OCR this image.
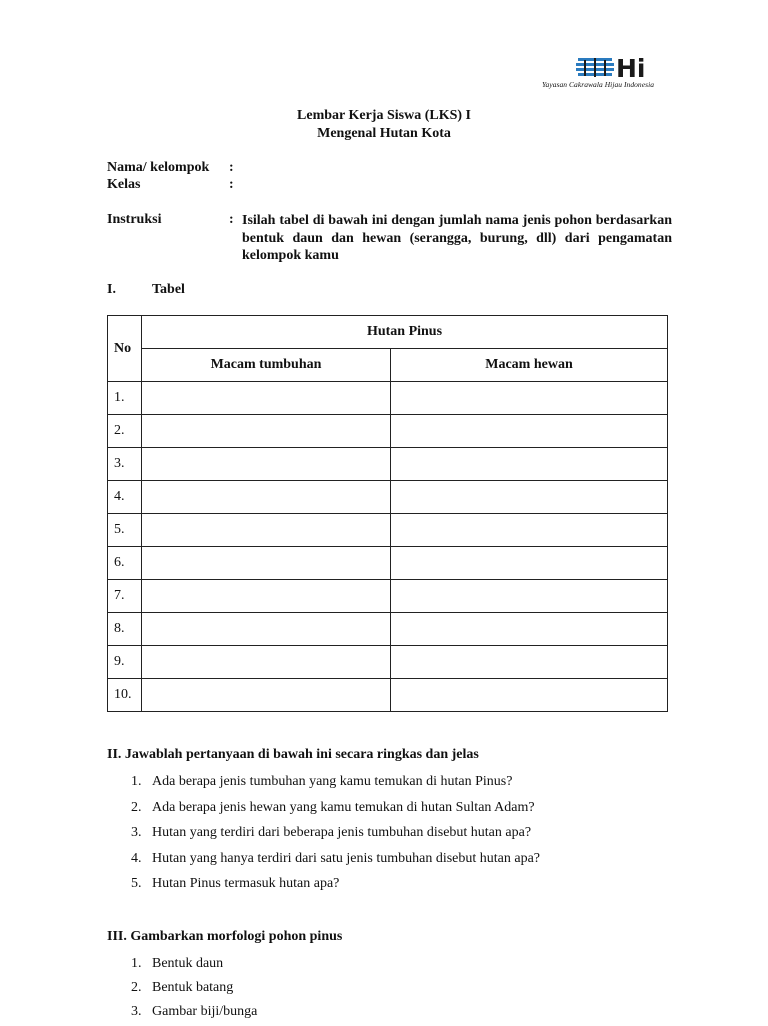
Hi
Yayasan Cakrawala Hijau Indonesia
Lembar Kerja Siswa (LKS) I
Mengenal Hutan Kota
Nama/ kelompok :
Kelas	:
Instruksi	: Isilah tabel di bawah ini dengan jumlah nama jenis pohon berdasarkan bentuk daun dan hewan (serangga, burung, dll) dari pengamatan kelompok kamu
I.	Tabel
No	Hutan Pinus	
	Macam tumbuhan	Macam hewan
1.		
2.		
3.		
4.		
5.		
6.		
7.		
8.		
9.		
10.		
II. Jawablah pertanyaan di bawah ini secara ringkas dan jelas
1. Ada berapa jenis tumbuhan yang kamu temukan di hutan Pinus?
2. Ada berapa jenis hewan yang kamu temukan di hutan Sultan Adam?
3. Hutan yang terdiri dari beberapa jenis tumbuhan disebut hutan apa?
4. Hutan yang hanya terdiri dari satu jenis tumbuhan disebut hutan apa?
5. Hutan Pinus termasuk hutan apa?
III. Gambarkan morfologi pohon pinus
1. Bentuk daun
2. Bentuk batang
3. Gambar biji/bunga
